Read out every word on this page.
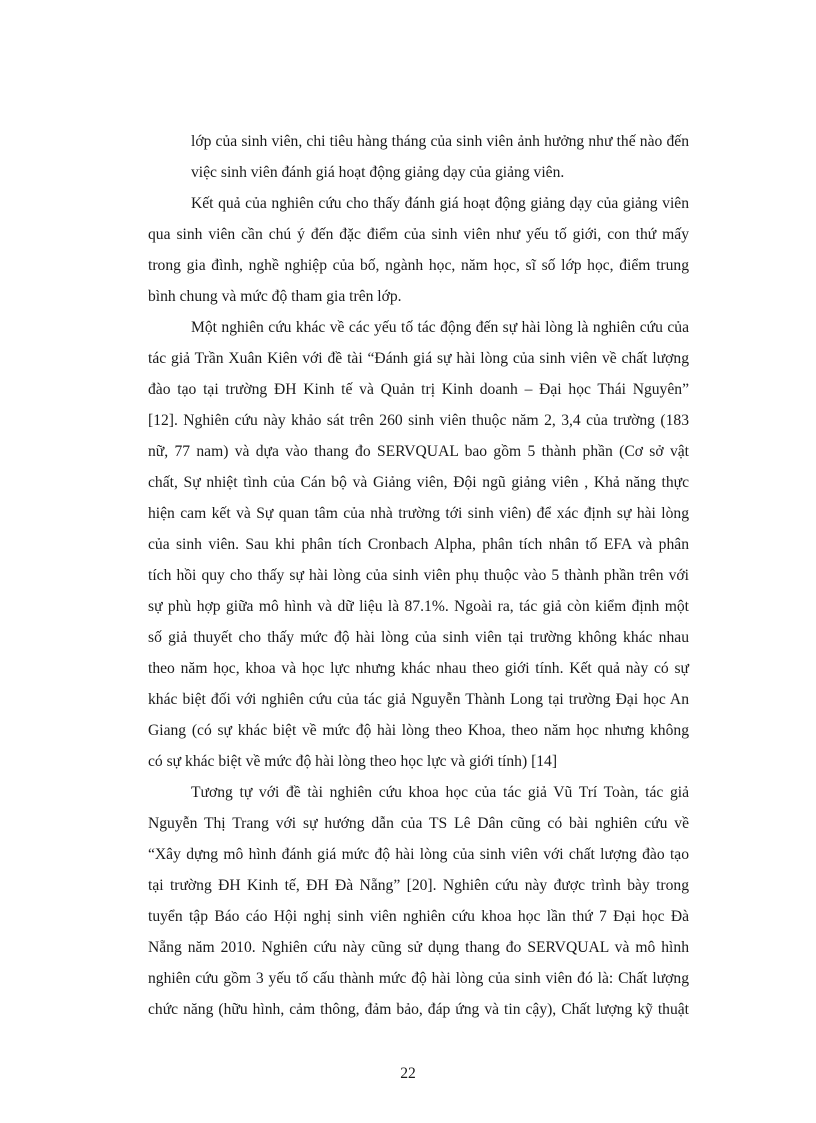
lớp của sinh viên, chi tiêu hàng tháng của sinh viên ảnh hưởng như thế nào đến
việc sinh viên đánh giá hoạt động giảng dạy của giảng viên.
Kết quả của nghiên cứu cho thấy đánh giá hoạt động giảng dạy của giảng viên
qua sinh viên cần chú ý đến đặc điểm của sinh viên như yếu tố giới, con thứ mấy
trong gia đình, nghề nghiệp của bố, ngành học, năm học, sĩ số lớp học, điểm trung
bình chung và mức độ tham gia trên lớp.
Một nghiên cứu khác về các yếu tố tác động đến sự hài lòng là nghiên cứu của
tác giả Trần Xuân Kiên với đề tài “Đánh giá sự hài lòng của sinh viên về chất lượng
đào tạo tại trường ĐH Kinh tế và Quản trị Kinh doanh – Đại học Thái Nguyên”
[12]. Nghiên cứu này khảo sát trên 260 sinh viên thuộc năm 2, 3,4 của trường (183
nữ, 77 nam) và dựa vào thang đo SERVQUAL bao gồm 5 thành phần (Cơ sở vật
chất, Sự nhiệt tình của Cán bộ và Giảng viên, Đội ngũ giảng viên , Khả năng thực
hiện cam kết và Sự quan tâm của nhà trường tới sinh viên) để xác định sự hài lòng
của sinh viên. Sau khi phân tích Cronbach Alpha, phân tích nhân tố EFA và phân
tích hồi quy cho thấy sự hài lòng của sinh viên phụ thuộc vào 5 thành phần trên với
sự phù hợp giữa mô hình và dữ liệu là 87.1%. Ngoài ra, tác giả còn kiểm định một
số giả thuyết cho thấy mức độ hài lòng của sinh viên tại trường không khác nhau
theo năm học, khoa và học lực nhưng khác nhau theo giới tính. Kết quả này có sự
khác biệt đối với nghiên cứu của tác giả Nguyễn Thành Long tại trường Đại học An
Giang (có sự khác biệt về mức độ hài lòng theo Khoa, theo năm học nhưng không
có sự khác biệt về mức độ hài lòng theo học lực và giới tính) [14]
Tương tự với đề tài nghiên cứu khoa học của tác giả Vũ Trí Toàn, tác giả
Nguyễn Thị Trang với sự hướng dẫn của TS Lê Dân cũng có bài nghiên cứu về
“Xây dựng mô hình đánh giá mức độ hài lòng của sinh viên với chất lượng đào tạo
tại trường ĐH Kinh tế, ĐH Đà Nẵng” [20]. Nghiên cứu này được trình bày trong
tuyển tập Báo cáo Hội nghị sinh viên nghiên cứu khoa học lần thứ 7 Đại học Đà
Nẵng năm 2010. Nghiên cứu này cũng sử dụng thang đo SERVQUAL và mô hình
nghiên cứu gồm 3 yếu tố cấu thành mức độ hài lòng của sinh viên đó là: Chất lượng
chức năng (hữu hình, cảm thông, đảm bảo, đáp ứng và tin cậy), Chất lượng kỹ thuật
22
